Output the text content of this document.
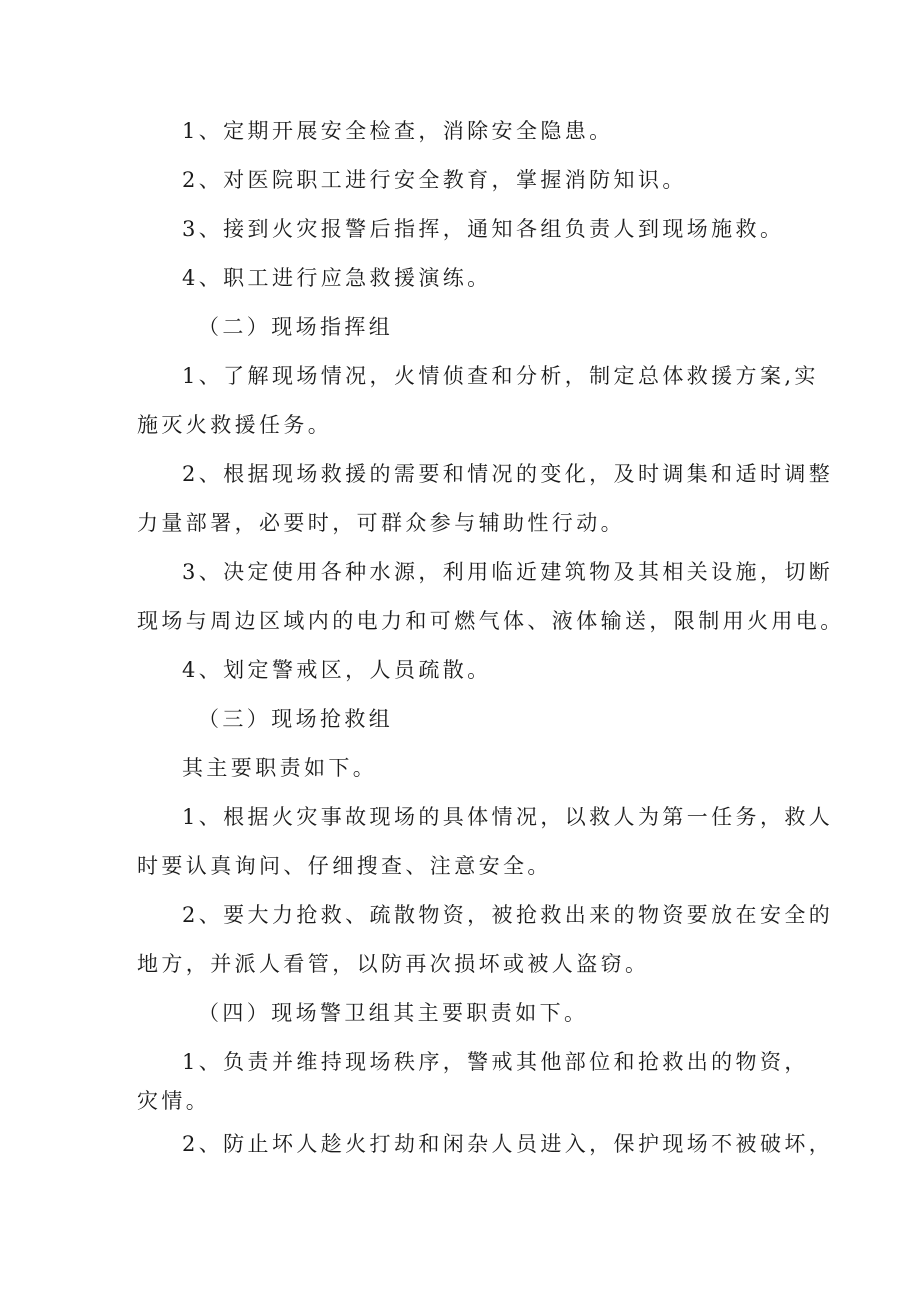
1、定期开展安全检查，消除安全隐患。
2、对医院职工进行安全教育，掌握消防知识。
3、接到火灾报警后指挥，通知各组负责人到现场施救。
4、职工进行应急救援演练。
（二）现场指挥组
1、了解现场情况，火情侦查和分析，制定总体救援方案,实
施灭火救援任务。
2、根据现场救援的需要和情况的变化，及时调集和适时调整
力量部署，必要时，可群众参与辅助性行动。
3、决定使用各种水源，利用临近建筑物及其相关设施，切断
现场与周边区域内的电力和可燃气体、液体输送，限制用火用电。
4、划定警戒区，人员疏散。
（三）现场抢救组
其主要职责如下。
1、根据火灾事故现场的具体情况，以救人为第一任务，救人
时要认真询问、仔细搜查、注意安全。
2、要大力抢救、疏散物资，被抢救出来的物资要放在安全的
地方，并派人看管，以防再次损坏或被人盗窃。
（四）现场警卫组其主要职责如下。
1、负责并维持现场秩序，警戒其他部位和抢救出的物资，
灾情。
2、防止坏人趁火打劫和闲杂人员进入，保护现场不被破坏，
